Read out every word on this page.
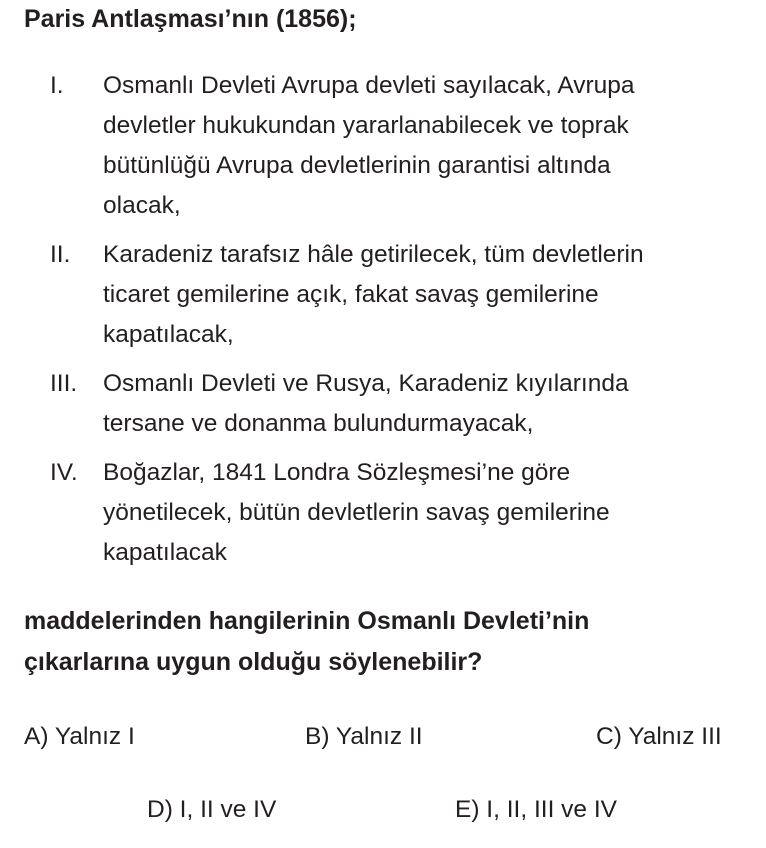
Paris Antlaşması’nın (1856);
I. Osmanlı Devleti Avrupa devleti sayılacak, Avrupa
devletler hukukundan yararlanabilecek ve toprak
bütünlüğü Avrupa devletlerinin garantisi altında
olacak,
II. Karadeniz tarafsız hâle getirilecek, tüm devletlerin
ticaret gemilerine açık, fakat savaş gemilerine
kapatılacak,
III. Osmanlı Devleti ve Rusya, Karadeniz kıyılarında
tersane ve donanma bulundurmayacak,
IV. Boğazlar, 1841 Londra Sözleşmesi’ne göre
yönetilecek, bütün devletlerin savaş gemilerine
kapatılacak
maddelerinden hangilerinin Osmanlı Devleti’nin
çıkarlarına uygun olduğu söylenebilir?
A) Yalnız I	B) Yalnız II	C) Yalnız III
D) I, II ve IV	E) I, II, III ve IV
